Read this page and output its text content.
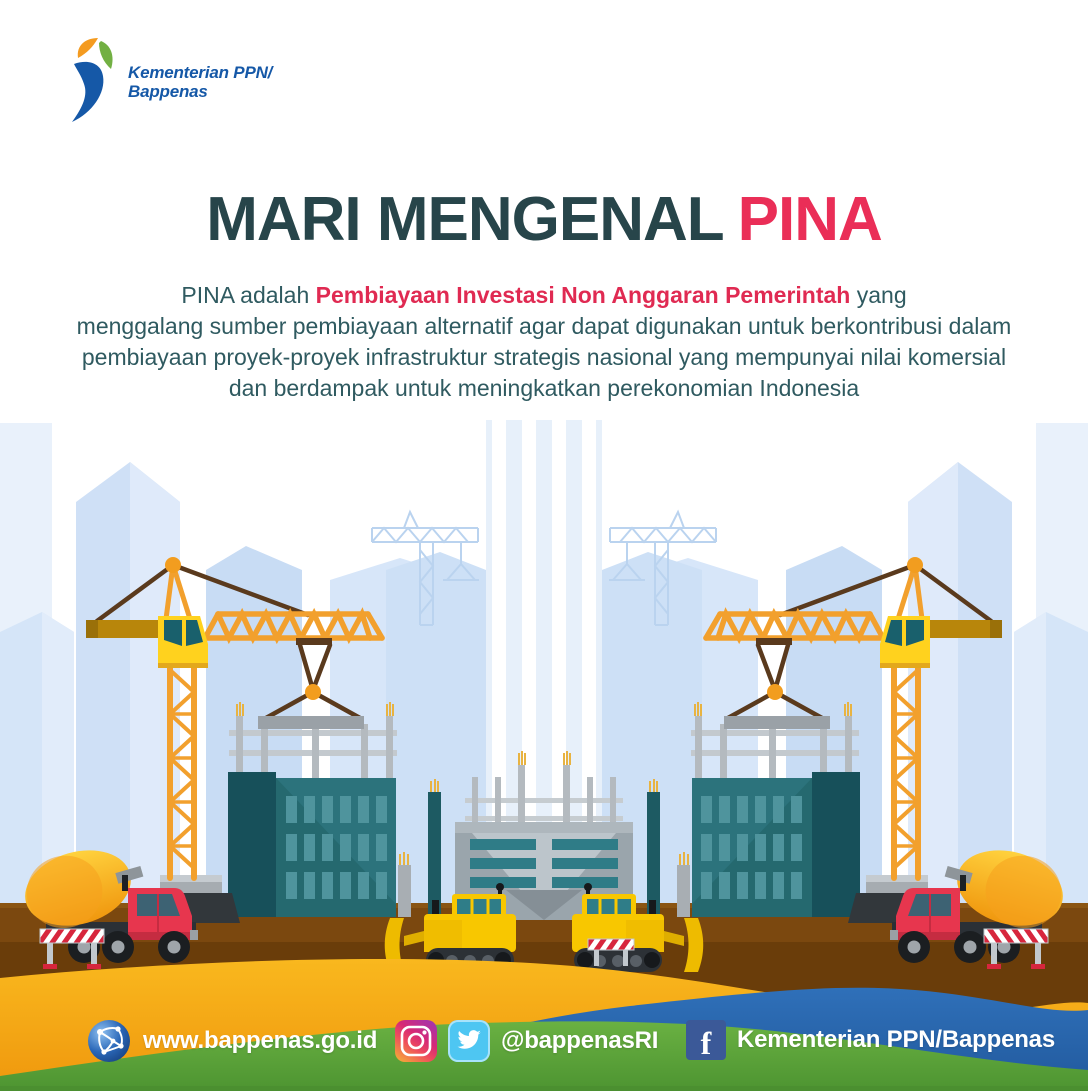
Kementerian PPN/
Bappenas
MARI MENGENAL PINA
PINA adalah Pembiayaan Investasi Non Anggaran Pemerintah yang
menggalang sumber pembiayaan alternatif agar dapat digunakan untuk berkontribusi dalam
pembiayaan proyek-proyek infrastruktur strategis nasional yang mempunyai nilai komersial
dan berdampak untuk meningkatkan perekonomian Indonesia
www.bappenas.go.id	@bappenasRI f Kementerian PPN/Bappenas
